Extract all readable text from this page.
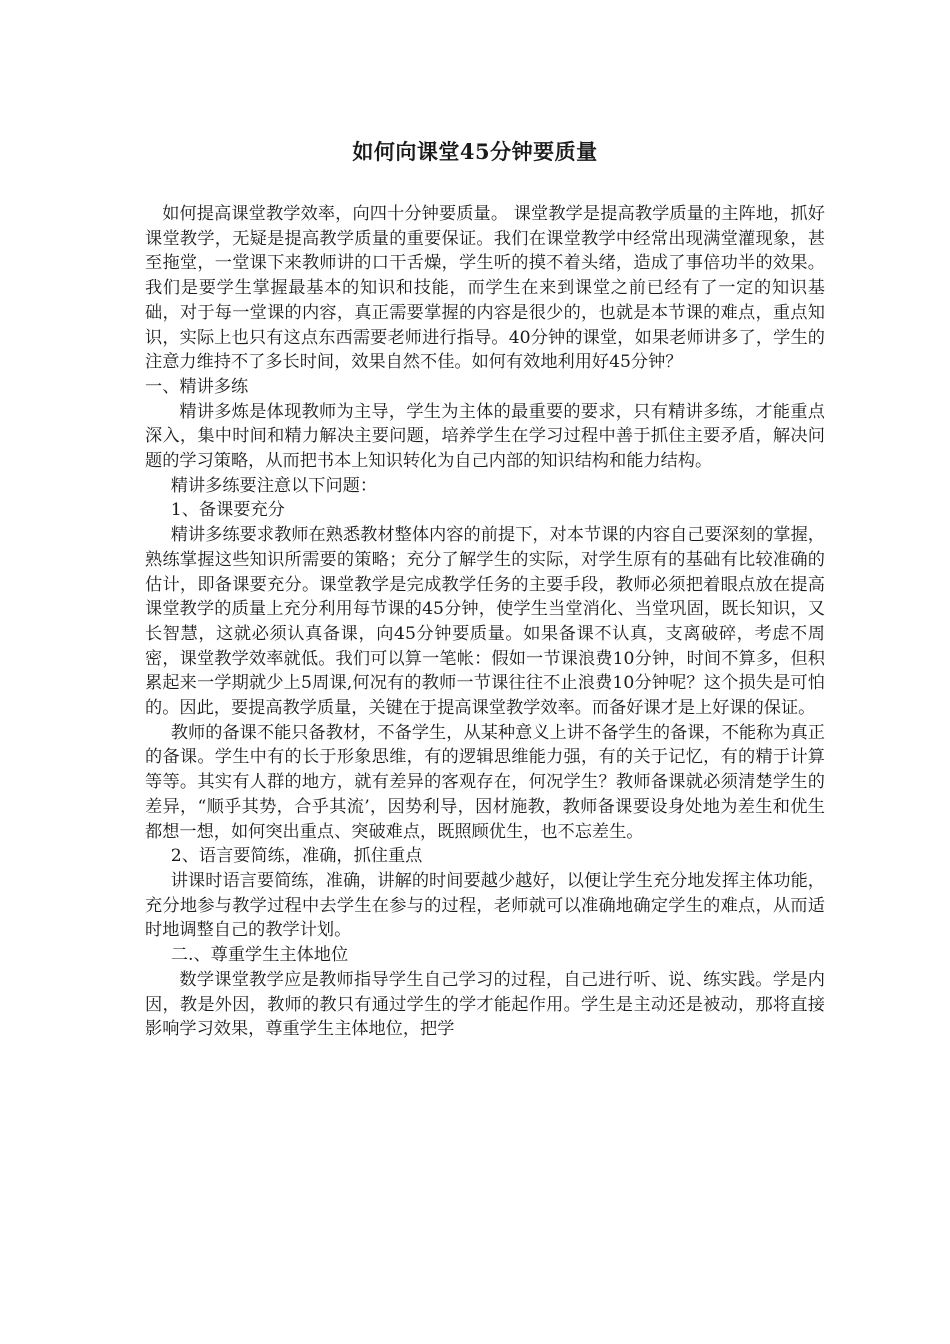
如何向课堂45分钟要质量

如何提高课堂教学效率，向四十分钟要质量。 课堂教学是提高教学质量的主阵地，抓好课堂教学，无疑是提高教学质量的重要保证。我们在课堂教学中经常出现满堂灌现象，甚至拖堂，一堂课下来教师讲的口干舌燥，学生听的摸不着头绪，造成了事倍功半的效果。我们是要学生掌握最基本的知识和技能，而学生在来到课堂之前已经有了一定的知识基础，对于每一堂课的内容，真正需要掌握的内容是很少的，也就是本节课的难点，重点知识，实际上也只有这点东西需要老师进行指导。40分钟的课堂，如果老师讲多了，学生的注意力维持不了多长时间，效果自然不佳。如何有效地利用好45分钟？

一、精讲多练

精讲多炼是体现教师为主导，学生为主体的最重要的要求，只有精讲多练，才能重点深入，集中时间和精力解决主要问题，培养学生在学习过程中善于抓住主要矛盾，解决问题的学习策略，从而把书本上知识转化为自己内部的知识结构和能力结构。

精讲多练要注意以下问题：

1、备课要充分

精讲多练要求教师在熟悉教材整体内容的前提下，对本节课的内容自己要深刻的掌握，熟练掌握这些知识所需要的策略；充分了解学生的实际，对学生原有的基础有比较准确的估计，即备课要充分。课堂教学是完成教学任务的主要手段，教师必须把着眼点放在提高课堂教学的质量上充分利用每节课的45分钟，使学生当堂消化、当堂巩固，既长知识，又长智慧，这就必须认真备课，向45分钟要质量。如果备课不认真，支离破碎，考虑不周密，课堂教学效率就低。我们可以算一笔帐：假如一节课浪费10分钟，时间不算多，但积累起来一学期就少上5周课,何况有的教师一节课往往不止浪费10分钟呢？这个损失是可怕的。因此，要提高教学质量，关键在于提高课堂教学效率。而备好课才是上好课的保证。

教师的备课不能只备教材，不备学生，从某种意义上讲不备学生的备课，不能称为真正的备课。学生中有的长于形象思维，有的逻辑思维能力强，有的关于记忆，有的精于计算等等。其实有人群的地方，就有差异的客观存在，何况学生？教师备课就必须清楚学生的差异，“顺乎其势，合乎其流’，因势利导，因材施教，教师备课要设身处地为差生和优生都想一想，如何突出重点、突破难点，既照顾优生，也不忘差生。

2、语言要简练，准确，抓住重点

讲课时语言要简练，准确，讲解的时间要越少越好，以便让学生充分地发挥主体功能，充分地参与教学过程中去学生在参与的过程，老师就可以准确地确定学生的难点，从而适时地调整自己的教学计划。

二.、尊重学生主体地位

数学课堂教学应是教师指导学生自己学习的过程，自己进行听、说、练实践。学是内因，教是外因，教师的教只有通过学生的学才能起作用。学生是主动还是被动，那将直接影响学习效果，尊重学生主体地位，把学
